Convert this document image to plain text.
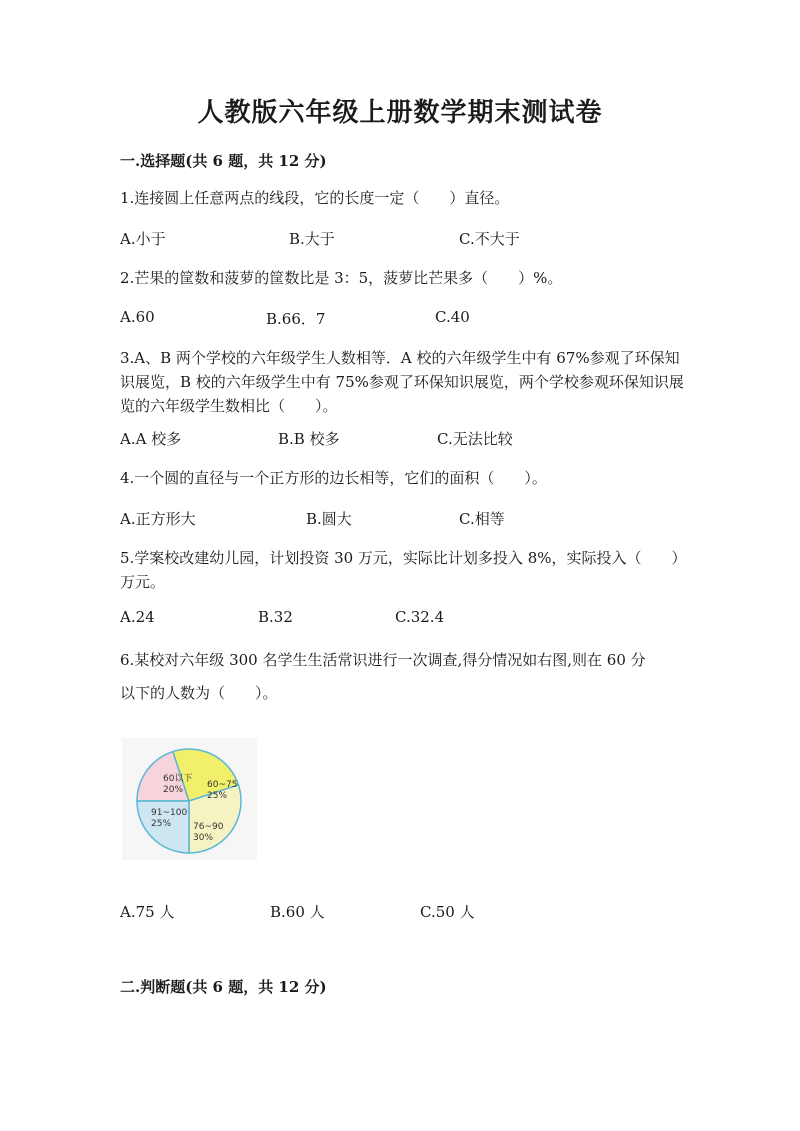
人教版六年级上册数学期末测试卷
一.选择题(共 6 题，共 12 分)
1.连接圆上任意两点的线段，它的长度一定（　　）直径。
A.小于	B.大于	C.不大于
2.芒果的筐数和菠萝的筐数比是 3：5，菠萝比芒果多（　　）%。
A.60	B.66．7	C.40
3.A、B 两个学校的六年级学生人数相等．A 校的六年级学生中有 67%参观了环保知识展览，B 校的六年级学生中有 75%参观了环保知识展览，两个学校参观环保知识展览的六年级学生数相比（　　）。
A.A 校多	B.B 校多	C.无法比较
4.一个圆的直径与一个正方形的边长相等，它们的面积（　　）。
A.正方形大	B.圆大	C.相等
5.学案校改建幼儿园，计划投资 30 万元，实际比计划多投入 8%，实际投入（　　）万元。
A.24	B.32	C.32.4
6.某校对六年级 300 名学生生活常识进行一次调查,得分情况如右图,则在 60 分
以下的人数为（　　）。
60以下
20%	60~75
25%
76~90
30%
91~100
25%
A.75 人	B.60 人	C.50 人
二.判断题(共 6 题，共 12 分)
